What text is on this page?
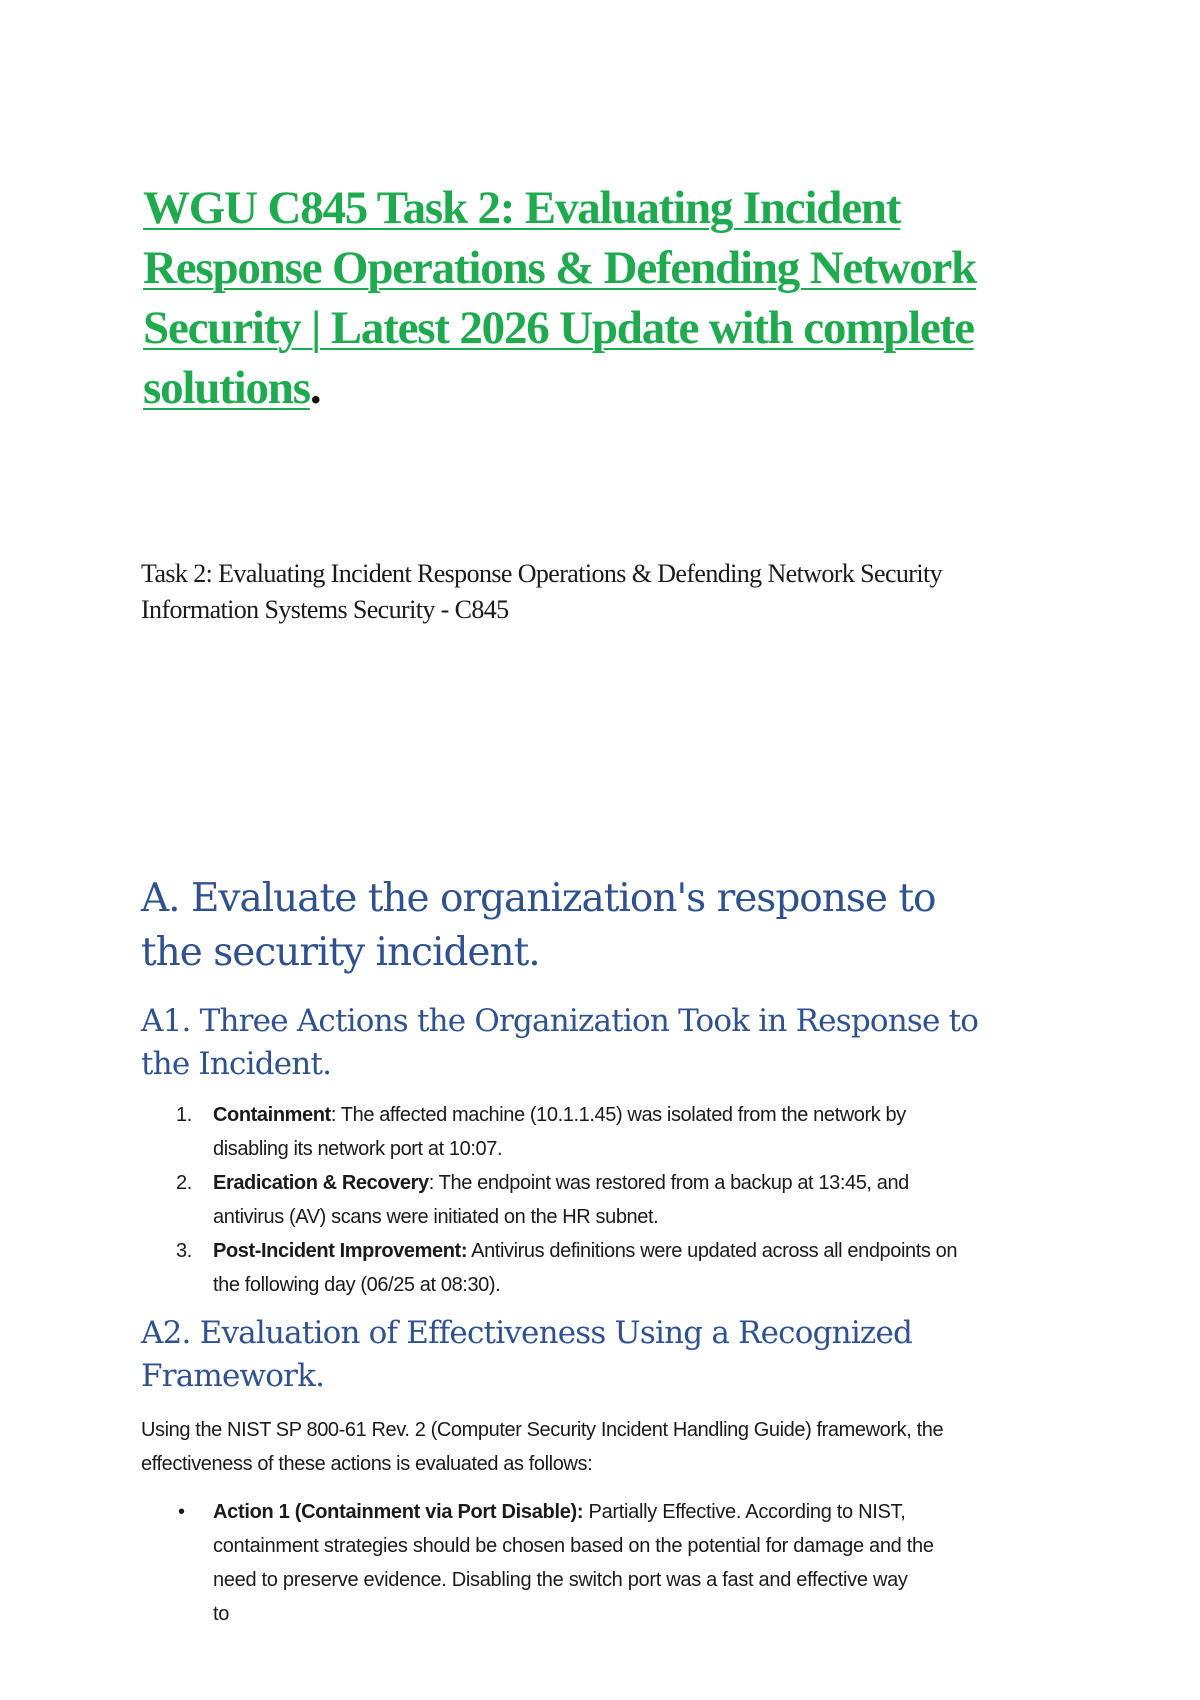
WGU C845 Task 2: Evaluating Incident
Response Operations & Defending Network
Security | Latest 2026 Update with complete
solutions.
Task 2: Evaluating Incident Response Operations & Defending Network Security
Information Systems Security - C845
A. Evaluate the organization's response to
the security incident.
A1. Three Actions the Organization Took in Response to
the Incident.
1. Containment: The affected machine (10.1.1.45) was isolated from the network by
disabling its network port at 10:07.
2. Eradication & Recovery: The endpoint was restored from a backup at 13:45, and
antivirus (AV) scans were initiated on the HR subnet.
3. Post-Incident Improvement: Antivirus definitions were updated across all endpoints on
the following day (06/25 at 08:30).
A2. Evaluation of Effectiveness Using a Recognized
Framework.
Using the NIST SP 800-61 Rev. 2 (Computer Security Incident Handling Guide) framework, the
effectiveness of these actions is evaluated as follows:
• Action 1 (Containment via Port Disable): Partially Effective. According to NIST,
containment strategies should be chosen based on the potential for damage and the
need to preserve evidence. Disabling the switch port was a fast and effective way
to
